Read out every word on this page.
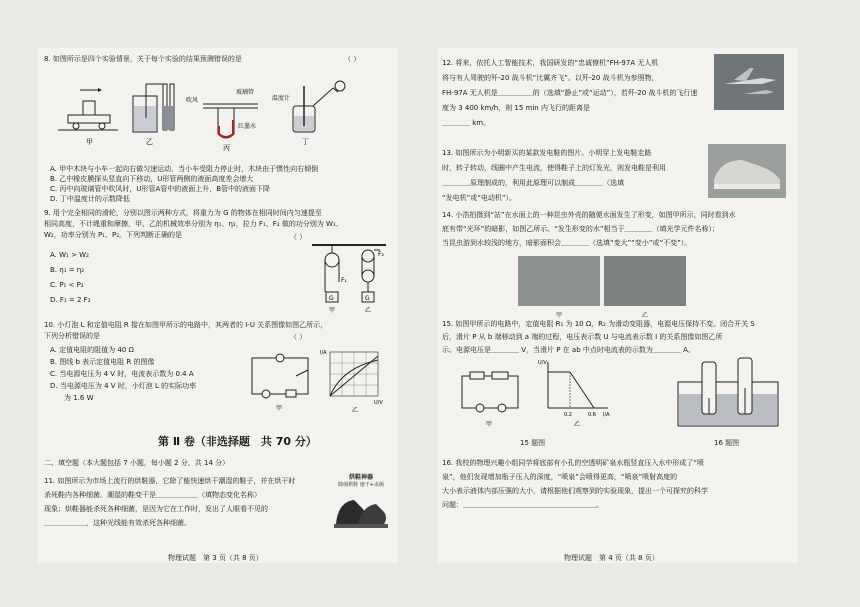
8. 如图所示是四个实验情景，关于每个实验的结果预测错误的是	（ ）
玻璃管
吹风
红墨水
温度计
甲	乙
丙
丁
A. 甲中木块与小车一起向右做匀速运动，当小车受阻力停止时，木块由于惯性向右倾倒
B. 乙中橡皮膜探头竖直向下移动，U形管两侧的液面高度差会增大
C. 丙中向玻璃管中吹风时，U形管A管中的液面上升，B管中的液面下降
D. 丁中温度计的示数降低
9. 用个完全相同的滑轮，分别以图示两种方式，将重力为 G 的物体在相同时间内匀速提至
相同高度，不计绳重和摩擦，甲、乙的机械效率分别为 η₁、η₂，拉力 F₁、F₂ 做的功分别为 W₁、
W₂，功率分别为 P₁、P₂。下列判断正确的是	（ ）
A. W₁ > W₂
B. η₁ = η₂
C. P₁ < P₂
D. F₁ = 2 F₂	G
F₁
G
F₂
甲	乙
10. 小灯泡 L 和定值电阻 R 接在如图甲所示的电路中，其两者的 I-U 关系图像如图乙所示，
下列分析错误的是	（ ）
A. 定值电阻的阻值为 40 Ω
B. 图线 b 表示定值电阻 R 的图像
C. 当电源电压为 4 V 时，电流表示数为 0.4 A
D. 当电源电压为 4 V 时，小灯泡 L 的实际功率
为 1.6 W
甲
I/A
U/V
乙
第 Ⅱ 卷（非选择题　共 70 分）
二、填空题（本大题包括 7 小题，每小题 2 分，共 14 分）
11. 如图所示为市场上流行的烘鞋器，它除了能快速烘干潮湿的鞋子，并在烘干时
杀死鞋内各种细菌。潮湿的鞋变干是＿＿＿＿＿＿（填物态变化名称）
现象；烘鞋器能杀死各种细菌，是因为它在工作时，发出了人眼看不见的
＿＿＿＿＿＿，这种光线能有效杀死各种细菌。
烘鞋神器
除菌烘鞋 速干+杀菌
物理试题　第 3 页（共 8 页）
12. 将来，依托人工智能技术，我国研发的“忠诚僚机”FH-97A 无人机
将与有人驾驶的歼-20 战斗机“比翼齐飞”。以歼-20 战斗机为参照物，
FH-97A 无人机是＿＿＿＿＿的（选填“静止”或“运动”），若歼-20 战斗机的飞行速度为 3 400 km/h，则 15 min 内飞行的距离是
＿＿＿＿ km。
13. 如图所示为小明新买的某款发电鞋的图片。小明穿上发电鞋走路
时，转子转动，线圈中产生电流，使得鞋子上的灯发光，则发电鞋是利用
＿＿＿＿原理制成的，利用此原理可以制成＿＿＿＿（选填
“发电机”或“电动机”）。
14. 小浩拍摄到“站”在水面上的一种昆虫外壳的随便水面发生了形变，如图甲所示，同时看到水
底有带“光环”的暗影，如图乙所示。“发生形变的水”相当于＿＿＿＿（填光学元件名称）；
当昆虫游到水较浅的地方，暗影面积会＿＿＿＿（选填“变大”“变小”或“不变”）。
甲	乙
15. 如图甲所示的电路中，定值电阻 R₁ 为 10 Ω，R₂ 为滑动变阻器，电源电压保持不变。闭合开关 S
后，滑片 P 从 b 端移动到 a 端的过程，电压表示数 U 与电流表示数 I 的关系图像如图乙所
示。电源电压是＿＿＿＿ V，当滑片 P 在 ab 中点时电流表的示数为＿＿＿＿ A。
甲
U/V
I/A
0.2	0.6
乙
15 题图	16 题图
16. 我校的物理兴趣小组同学将底部有小孔的空透明矿泉水瓶竖直压入水中形成了“喷
泉”，他们发现增加瓶子压入的深度，“喷泉”会喷得更高，“喷泉”喷射高度的
大小表示液体内部压强的大小，请根据他们观察到的实验现象，提出一个可探究的科学
问题：＿＿＿＿＿＿＿＿＿＿＿＿＿＿＿＿＿＿＿。
物理试题　第 4 页（共 8 页）
